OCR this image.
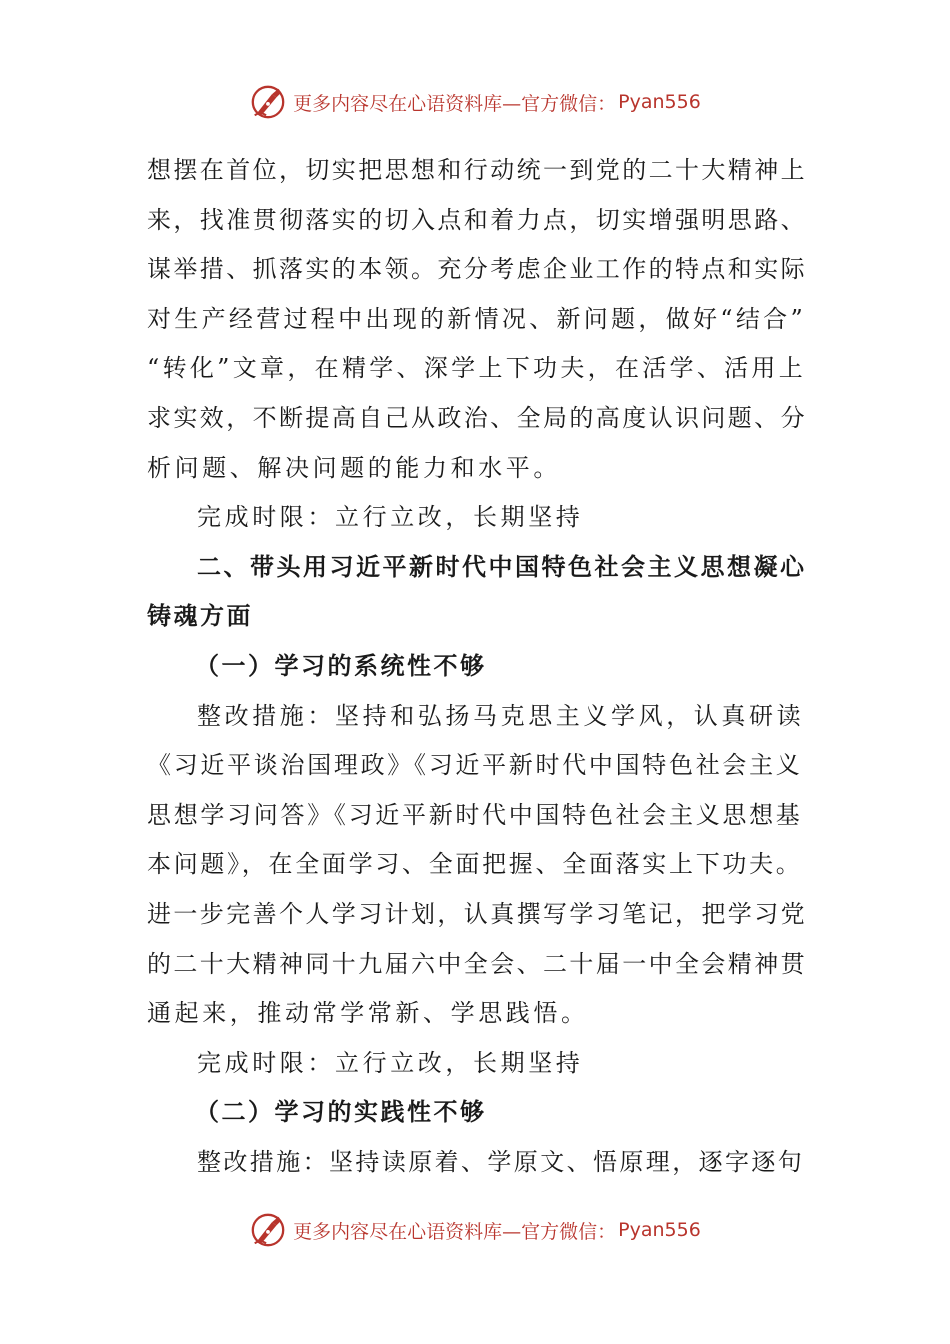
更多内容尽在心语资料库—官方微信： Pyan556
想摆在首位，切实把思想和行动统一到党的二十大精神上
来，找准贯彻落实的切入点和着力点，切实增强明思路、
谋举措、抓落实的本领。充分考虑企业工作的特点和实际
对生产经营过程中出现的新情况、新问题，做好“结合”
“转化”文章，在精学、深学上下功夫，在活学、活用上
求实效，不断提高自己从政治、全局的高度认识问题、分
析问题、解决问题的能力和水平。
完成时限：立行立改，长期坚持
二、带头用习近平新时代中国特色社会主义思想凝心
铸魂方面
（一）学习的系统性不够
整改措施：坚持和弘扬马克思主义学风，认真研读
《习近平谈治国理政》《习近平新时代中国特色社会主义
思想学习问答》《习近平新时代中国特色社会主义思想基
本问题》，在全面学习、全面把握、全面落实上下功夫。
进一步完善个人学习计划，认真撰写学习笔记，把学习党
的二十大精神同十九届六中全会、二十届一中全会精神贯
通起来，推动常学常新、学思践悟。
完成时限：立行立改，长期坚持
（二）学习的实践性不够
整改措施：坚持读原着、学原文、悟原理，逐字逐句
更多内容尽在心语资料库—官方微信： Pyan556
